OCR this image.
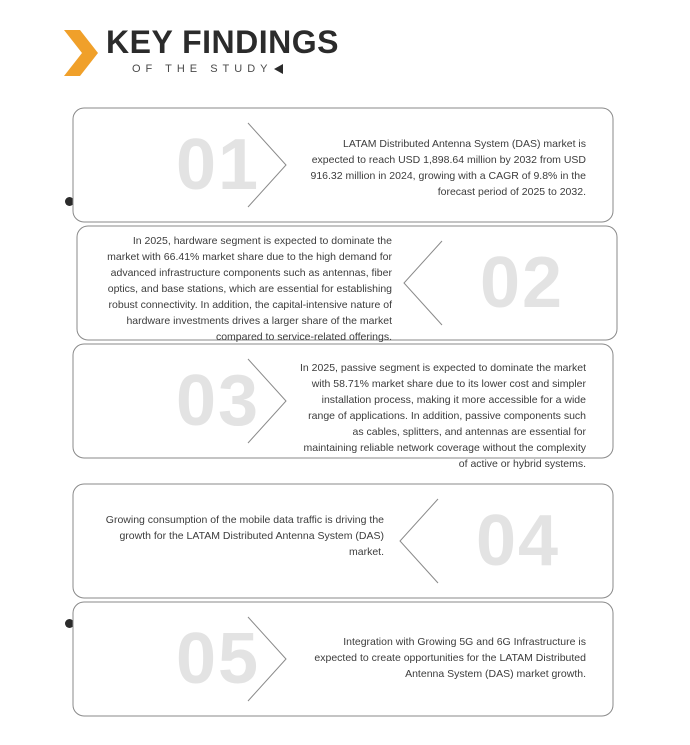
KEY FINDINGS
OF THE STUDY
01	LATAM Distributed Antenna System (DAS) market is expected to reach USD 1,898.64 million by 2032 from USD 916.32 million in 2024, growing with a CAGR of 9.8% in the forecast period of 2025 to 2032.
02
In 2025, hardware segment is expected to dominate the market with 66.41% market share due to the high demand for advanced infrastructure components such as antennas, fiber optics, and base stations, which are essential for establishing robust connectivity. In addition, the capital-intensive nature of hardware investments drives a larger share of the market compared to service-related offerings.
03	In 2025, passive segment is expected to dominate the market with 58.71% market share due to its lower cost and simpler installation process, making it more accessible for a wide range of applications. In addition, passive components such as cables, splitters, and antennas are essential for maintaining reliable network coverage without the complexity of active or hybrid systems.
04
Growing consumption of the mobile data traffic is driving the growth for the LATAM Distributed Antenna System (DAS) market.
05	Integration with Growing 5G and 6G Infrastructure is expected to create opportunities for the LATAM Distributed Antenna System (DAS) market growth.
